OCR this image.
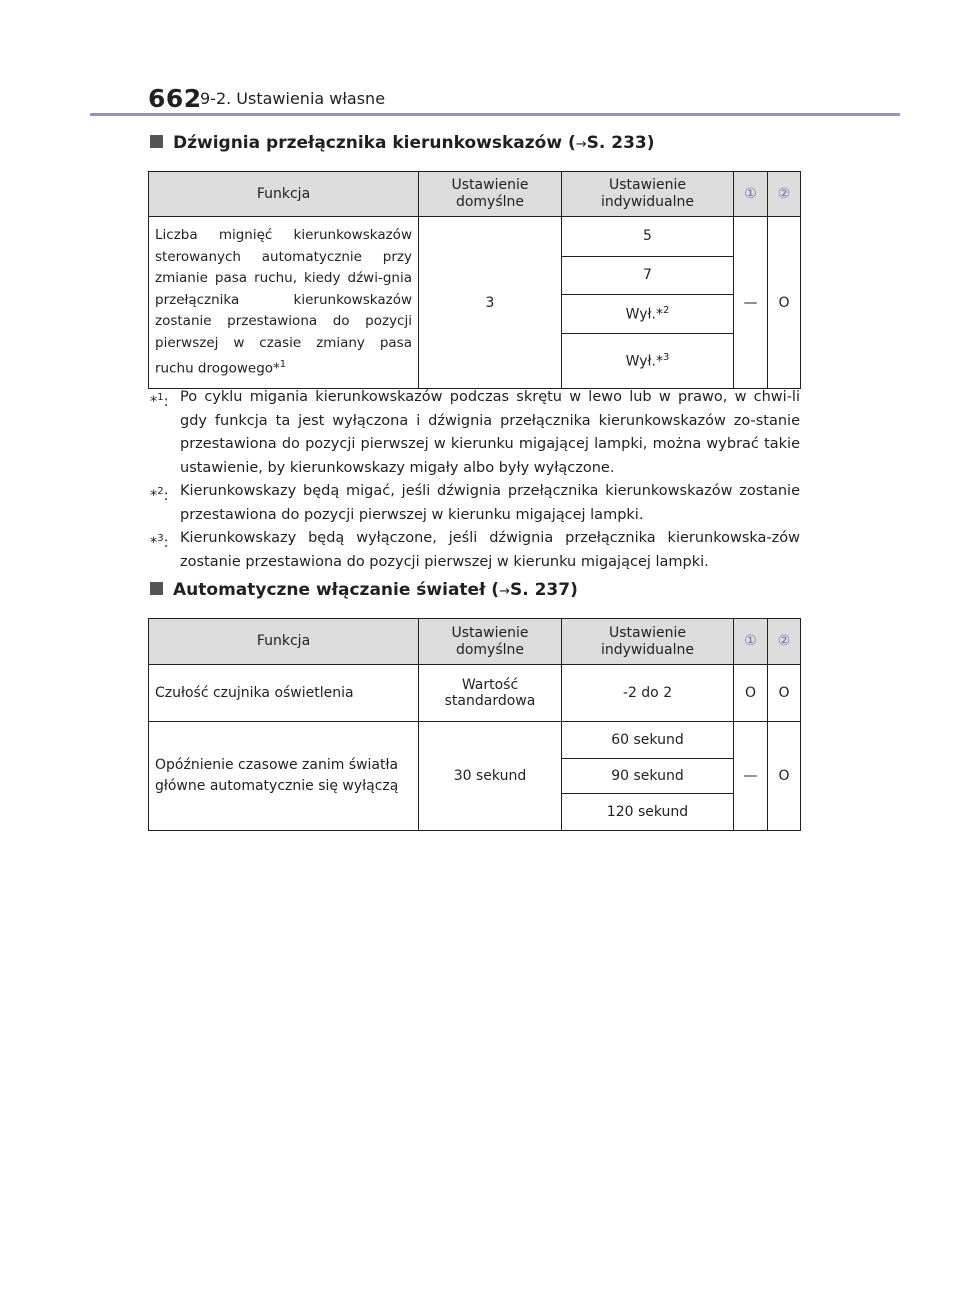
662
9-2. Ustawienia własne
Dźwignia przełącznika kierunkowskazów (→S. 233)
Funkcja	Ustawienie domyślne	Ustawienie indywidualne	①	②
Liczba mignięć kierunkowskazów sterowanych automatycznie przy zmianie pasa ruchu, kiedy dźwi-gnia przełącznika kierunkowskazów zostanie przestawiona do pozycji pierwszej w czasie zmiany pasa ruchu drogowego*$^1$	3	5	—	O
		7		
		Wył.*$^2$
		Wył.*$^3$
*$^1$: Po cyklu migania kierunkowskazów podczas skrętu w lewo lub w prawo, w chwi-li gdy funkcja ta jest wyłączona i dźwignia przełącznika kierunkowskazów zo-stanie przestawiona do pozycji pierwszej w kierunku migającej lampki, można wybrać takie ustawienie, by kierunkowskazy migały albo były wyłączone.
*$^2$: Kierunkowskazy będą migać, jeśli dźwignia przełącznika kierunkowskazów zostanie przestawiona do pozycji pierwszej w kierunku migającej lampki.
*$^3$: Kierunkowskazy będą wyłączone, jeśli dźwignia przełącznika kierunkowska-zów zostanie przestawiona do pozycji pierwszej w kierunku migającej lampki.
Automatyczne włączanie świateł (→S. 237)
Funkcja	Ustawienie domyślne	Ustawienie indywidualne	①	②
Czułość czujnika oświetlenia	Wartość standardowa	-2 do 2	O	O
Opóźnienie czasowe zanim światła główne automatycznie się wyłączą	30 sekund	60 sekund	—	O
		90 sekund		
		120 sekund		
